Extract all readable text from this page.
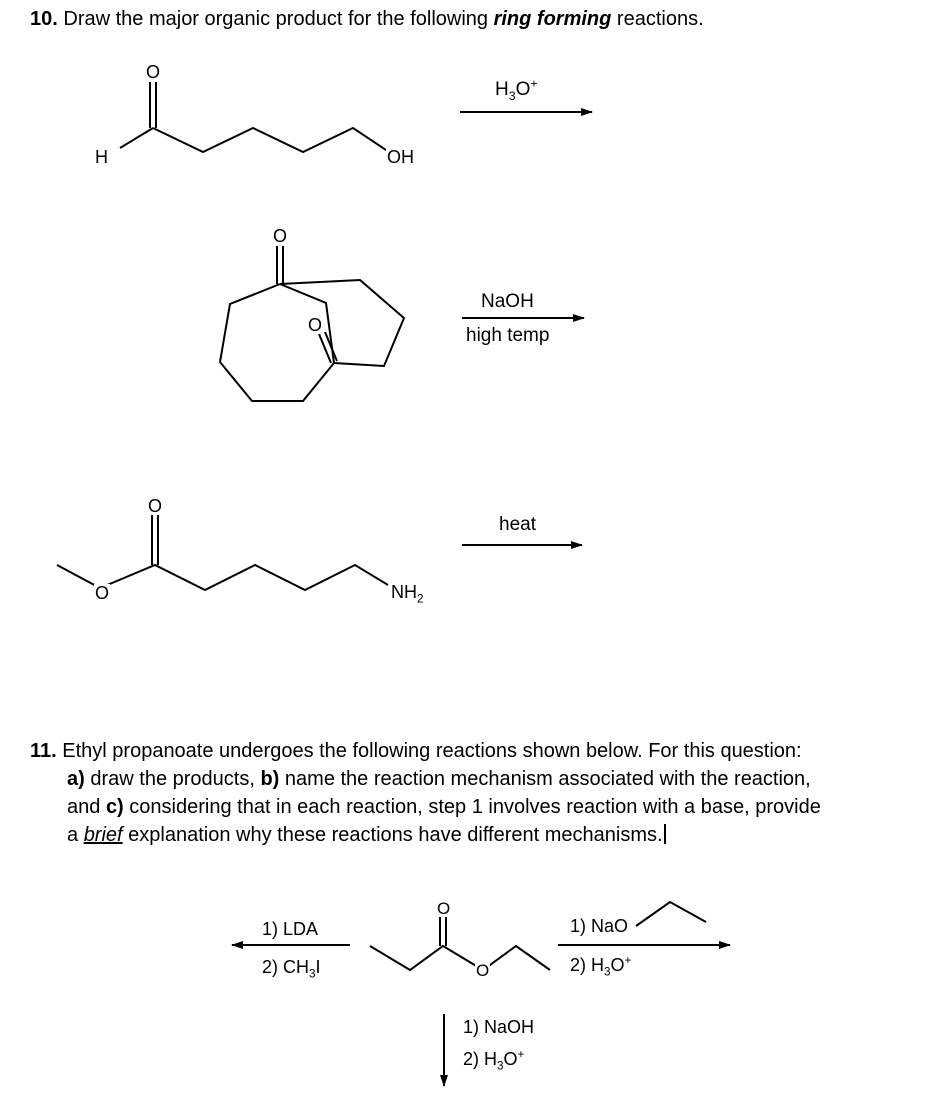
10. Draw the major organic product for the following ring forming reactions.
O
H	OH
$H_3O^+$
O
O
NaOH
high temp
O
O	$NH_2$
heat
11. Ethyl propanoate undergoes the following reactions shown below. For this question:
a) draw the products, b) name the reaction mechanism associated with the reaction,
and c) considering that in each reaction, step 1 involves reaction with a base, provide
a brief explanation why these reactions have different mechanisms.
O
O
1) LDA
2) $CH_3I$
1) NaO
2) $H_3O^+$
1) NaOH
2) $H_3O^+$
